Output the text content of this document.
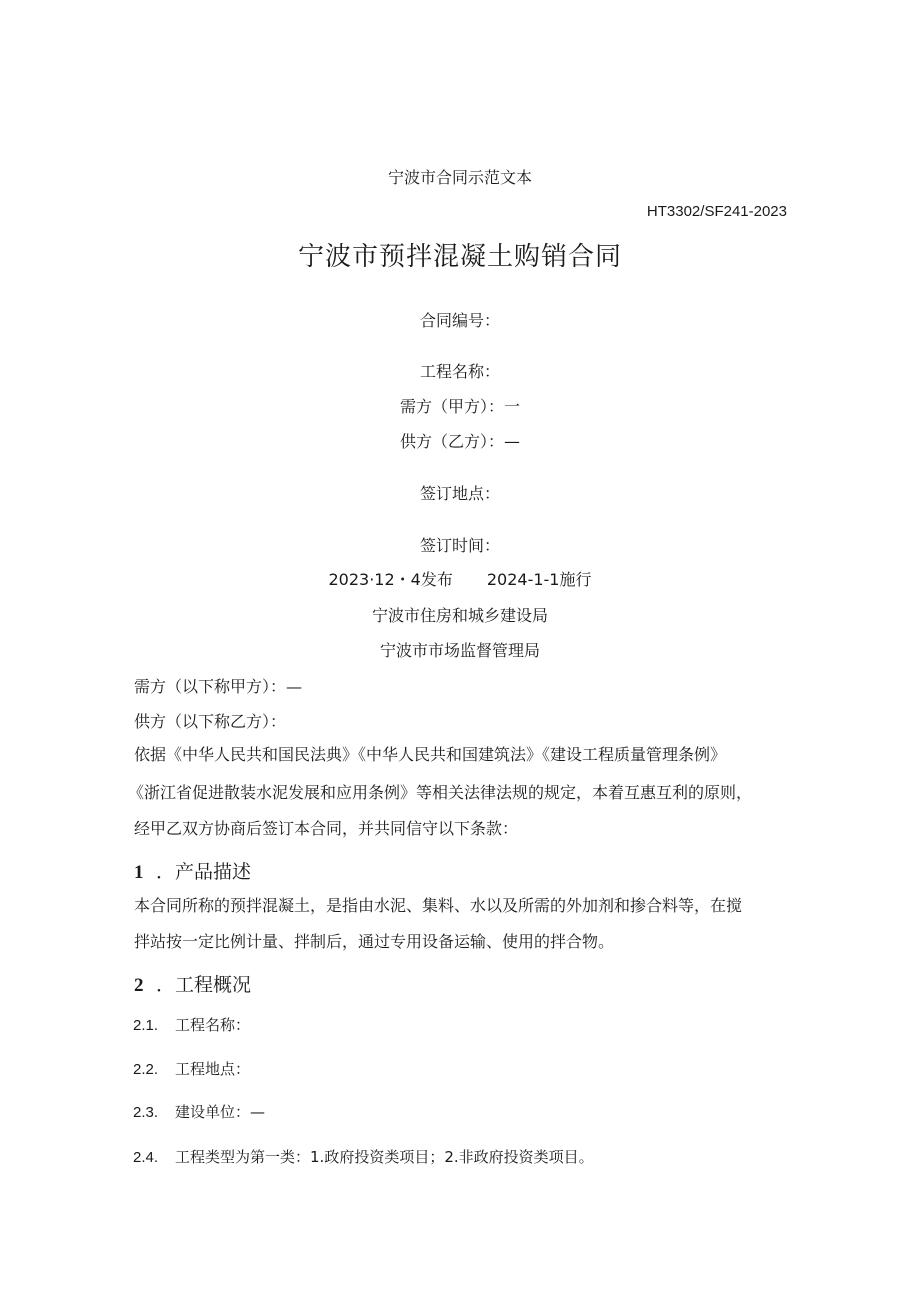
宁波市合同示范文本
HT3302/SF241-2023
宁波市预拌混凝土购销合同
合同编号：
工程名称：
需方（甲方）：一
供方（乙方）：—
签订地点：
签订时间：
2023·12・4发布 2024-1-1施行
宁波市住房和城乡建设局
宁波市市场监督管理局
需方（以下称甲方）：—
供方（以下称乙方）：
依据《中华人民共和国民法典》《中华人民共和国建筑法》《建设工程质量管理条例》
《浙江省促进散装水泥发展和应用条例》等相关法律法规的规定，本着互惠互利的原则，
经甲乙双方协商后签订本合同，并共同信守以下条款：
1 ．产品描述
本合同所称的预拌混凝土，是指由水泥、集料、水以及所需的外加剂和掺合料等，在搅
拌站按一定比例计量、拌制后，通过专用设备运输、使用的拌合物。
2 ．工程概况
2.1. 工程名称：
2.2. 工程地点：
2.3. 建设单位：—
2.4. 工程类型为第一类：1.政府投资类项目；2.非政府投资类项目。
